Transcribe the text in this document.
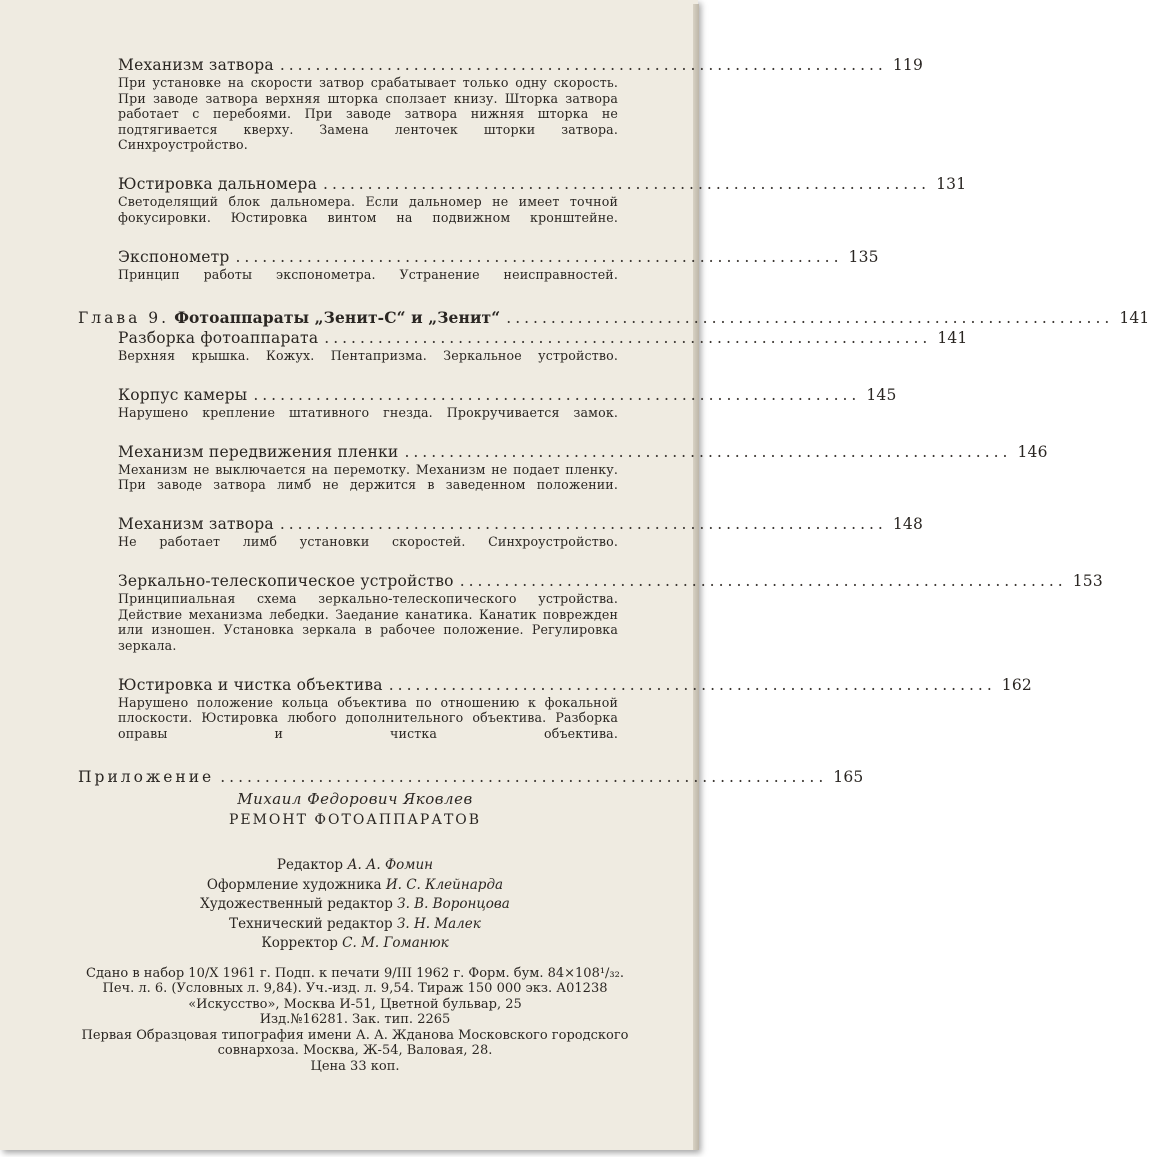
Механизм затвора .................................................................... 119
При установке на скорости затвор срабатывает только одну скорость. При заводе затвора верхняя шторка сползает книзу. Шторка затвора работает с перебоями. При заводе затвора нижняя шторка не подтягивается кверху. Замена ленточек шторки затвора. Синхроустройство.
Юстировка дальномера .................................................................... 131
Светоделящий блок дальномера. Если дальномер не имеет точной фокусировки. Юстировка винтом на подвижном кронштейне.
Экспонометр .................................................................... 135
Принцип работы экспонометра. Устранение неисправностей.
Глава 9. Фотоаппараты „Зенит-С“ и „Зенит“ .................................................................... 141
Разборка фотоаппарата .................................................................... 141
Верхняя крышка. Кожух. Пентапризма. Зеркальное устройство.
Корпус камеры .................................................................... 145
Нарушено крепление штативного гнезда. Прокручивается замок.
Механизм передвижения пленки .................................................................... 146
Механизм не выключается на перемотку. Механизм не подает пленку. При заводе затвора лимб не держится в заведенном положении.
Механизм затвора .................................................................... 148
Не работает лимб установки скоростей. Синхроустройство.
Зеркально-телескопическое устройство .................................................................... 153
Принципиальная схема зеркально-телескопического устройства. Действие механизма лебедки. Заедание канатика. Канатик поврежден или изношен. Установка зеркала в рабочее положение. Регулировка зеркала.
Юстировка и чистка объектива .................................................................... 162
Нарушено положение кольца объектива по отношению к фокальной плоскости. Юстировка любого дополнительного объектива. Разборка оправы и чистка объектива.
Приложение .................................................................... 165
Михаил Федорович Яковлев
РЕМОНТ ФОТОАППАРАТОВ
Редактор А. А. Фомин
Оформление художника И. С. Клейнарда
Художественный редактор З. В. Воронцова
Технический редактор З. Н. Малек
Корректор С. М. Гоманюк
Сдано в набор 10/X 1961 г. Подп. к печати 9/III 1962 г. Форм. бум. 84×108¹/₃₂.
Печ. л. 6. (Условных л. 9,84). Уч.-изд. л. 9,54. Тираж 150 000 экз. А01238
«Искусство», Москва И-51, Цветной бульвар, 25
Изд.№16281. Зак. тип. 2265
Первая Образцовая типография имени А. А. Жданова Московского городского
совнархоза. Москва, Ж-54, Валовая, 28.
Цена 33 коп.
